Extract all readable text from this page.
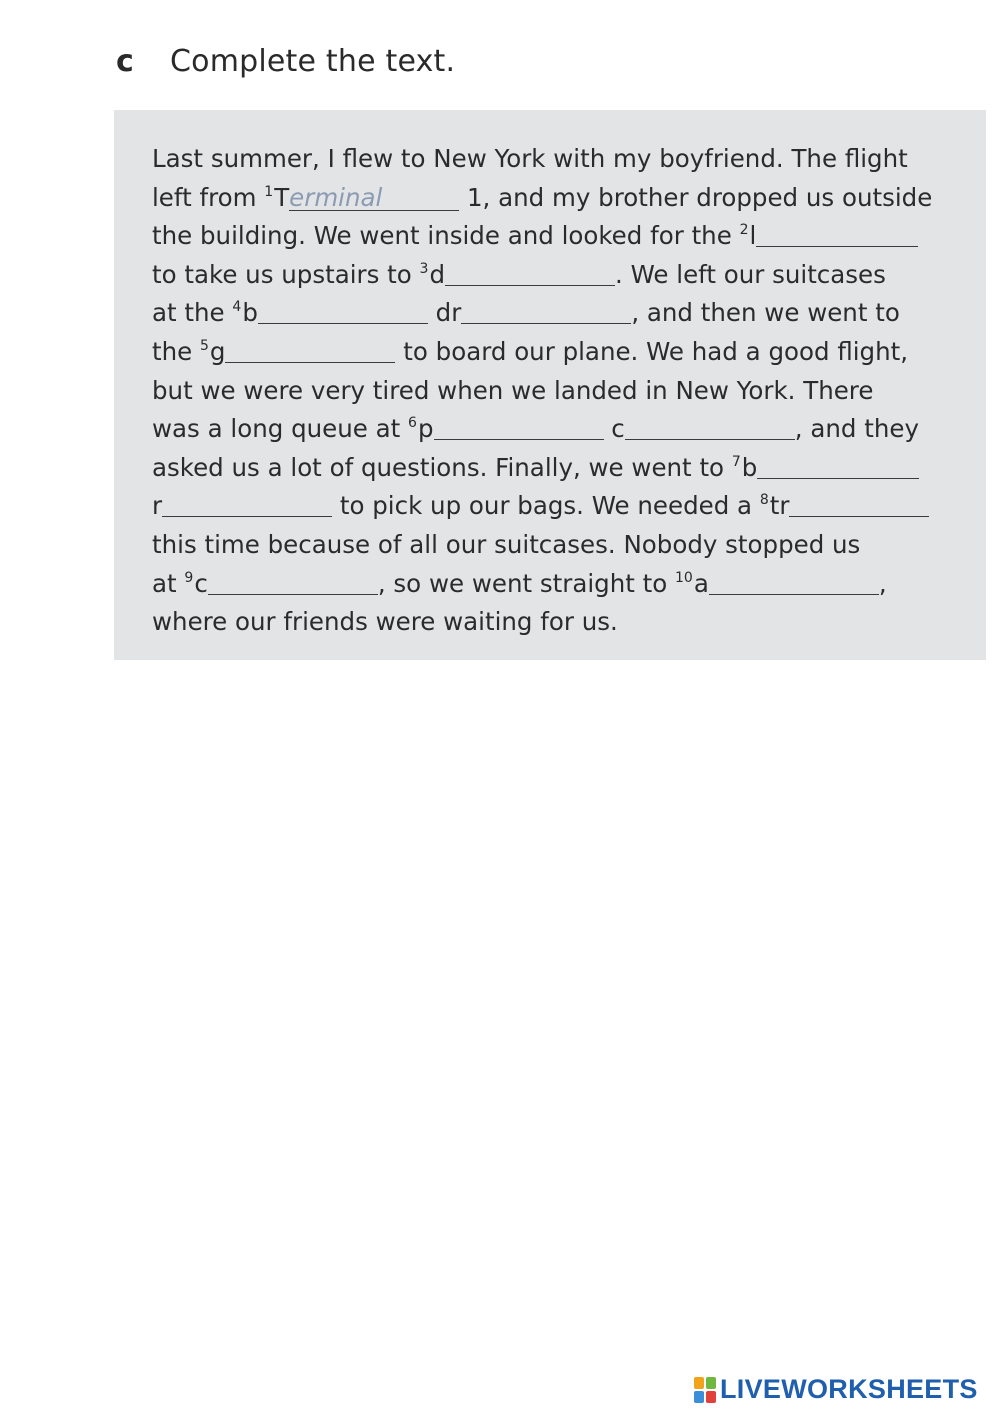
c	Complete the text.
Last summer, I flew to New York with my boyfriend. The flight
left from $^1$Terminal	1, and my brother dropped us outside
the building. We went inside and looked for the $^2$l
to take us upstairs to $^3$d	. We left our suitcases
at the $^4$b	dr	, and then we went to
the $^5$g	to board our plane. We had a good flight,
but we were very tired when we landed in New York. There
was a long queue at $^6$p	c	, and they
asked us a lot of questions. Finally, we went to $^7$b
r	to pick up our bags. We needed a $^8$tr
this time because of all our suitcases. Nobody stopped us
at $^9$c	, so we went straight to $^{10}$a	,
where our friends were waiting for us.
LIVEWORKSHEETS
